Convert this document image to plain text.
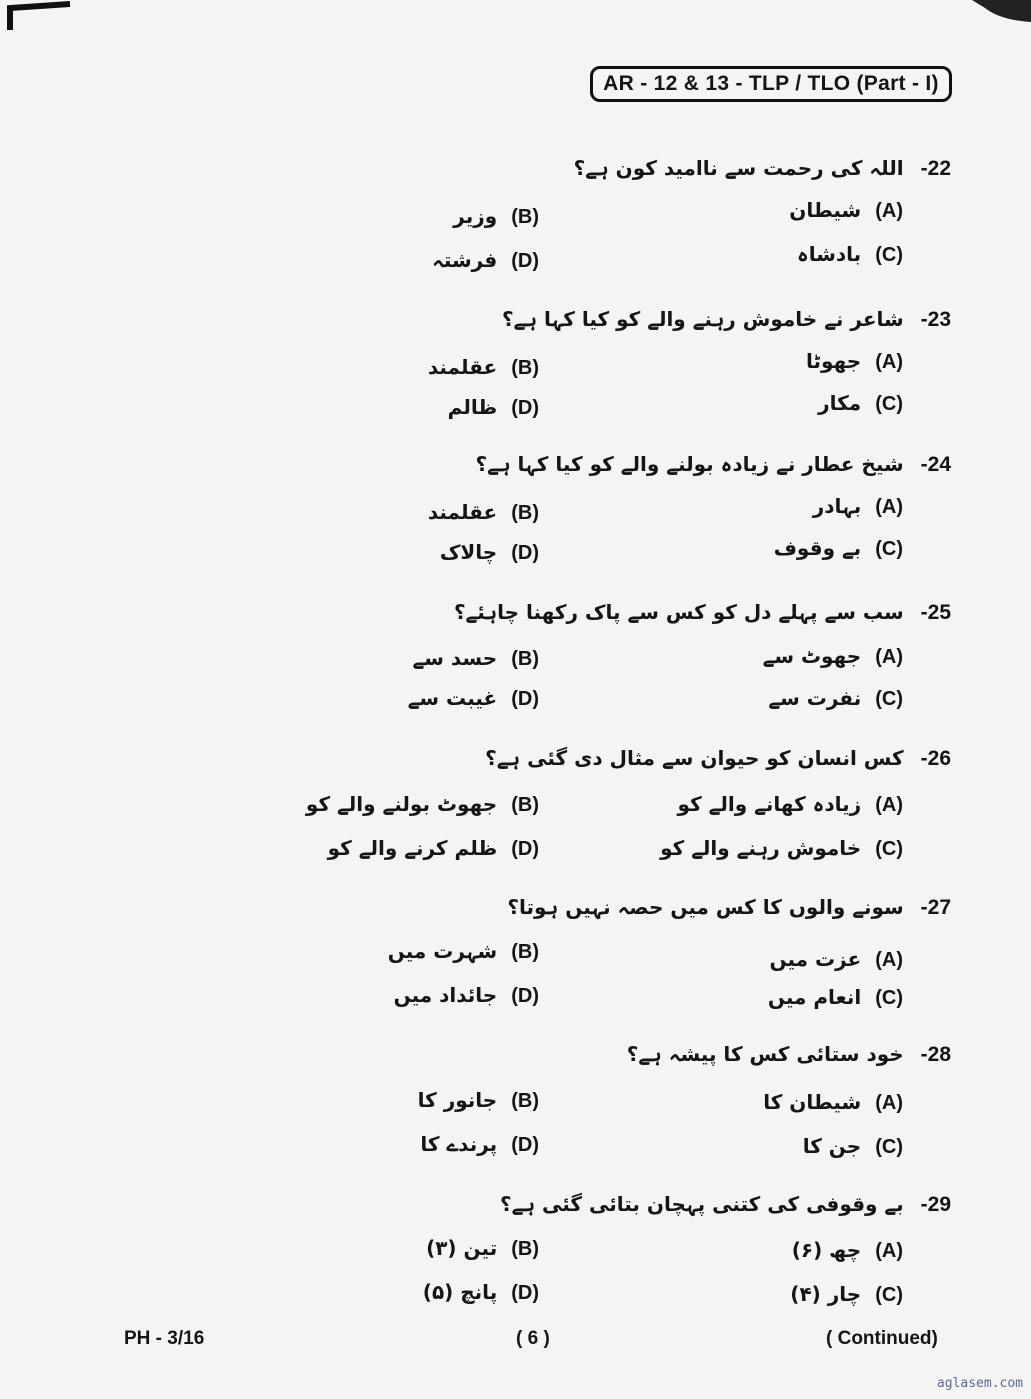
AR - 12 & 13 - TLP / TLO (Part - I)
22- اللہ کی رحمت سے ناامید کون ہے؟
(A)شیطان
(B)وزیر
(C)بادشاہ
(D)فرشتہ
23- شاعر نے خاموش رہنے والے کو کیا کہا ہے؟
(A)جھوٹا
(B)عقلمند
(C)مکار
(D)ظالم
24- شیخ عطار نے زیادہ بولنے والے کو کیا کہا ہے؟
(A)بہادر
(B)عقلمند
(C)بے وقوف
(D)چالاک
25- سب سے پہلے دل کو کس سے پاک رکھنا چاہئے؟
(A)جھوٹ سے
(B)حسد سے
(C)نفرت سے
(D)غیبت سے
26- کس انسان کو حیوان سے مثال دی گئی ہے؟
(A)زیادہ کھانے والے کو
(B)جھوٹ بولنے والے کو
(C)خاموش رہنے والے کو
(D)ظلم کرنے والے کو
27- سونے والوں کا کس میں حصہ نہیں ہوتا؟
(A)عزت میں
(B)شہرت میں
(C)انعام میں
(D)جائداد میں
28- خود ستائی کس کا پیشہ ہے؟
(A)شیطان کا
(B)جانور کا
(C)جن کا
(D)پرندے کا
29- بے وقوفی کی کتنی پہچان بتائی گئی ہے؟
(A)چھ (۶)
(B)تین (۳)
(C)چار (۴)
(D)پانچ (۵)
PH - 3/16	( 6 )	( Continued)
aglasem.com
